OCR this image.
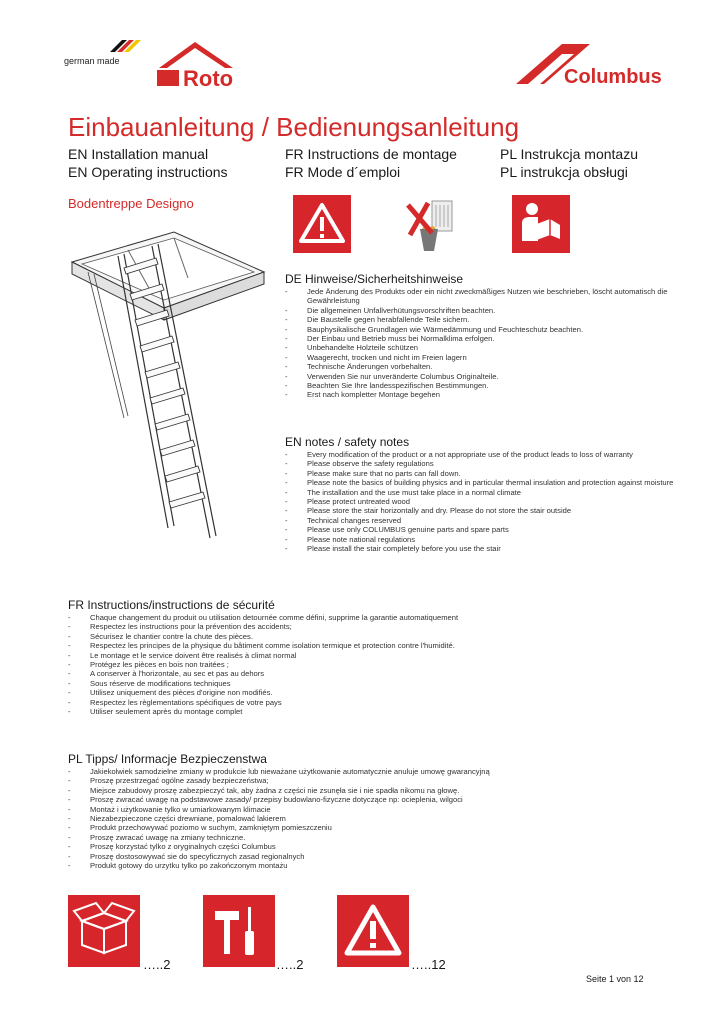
german made
Roto	Columbus
Einbauanleitung / Bedienungsanleitung
EN Installation manual
EN Operating instructions
FR Instructions de montage
FR Mode d´emploi
PL Instrukcja montazu
PL instrukcja obsługi
Bodentreppe Designo
DE Hinweise/Sicherheitshinweise
- Jede Änderung des Produkts oder ein nicht zweckmäßiges Nutzen wie beschrieben, löscht automatisch die Gewährleistung
- Die allgemeinen Unfallverhütungsvorschriften beachten.
- Die Baustelle gegen herabfallende Teile sichern.
- Bauphysikalische Grundlagen wie Wärmedämmung und Feuchteschutz beachten.
- Der Einbau und Betrieb muss bei Normalklima erfolgen.
- Unbehandelte Holzteile schützen
- Waagerecht, trocken und nicht im Freien lagern
- Technische Änderungen vorbehalten.
- Verwenden Sie nur unveränderte Columbus Originalteile.
- Beachten Sie Ihre landesspezifischen Bestimmungen.
- Erst nach kompletter Montage begehen
EN notes / safety notes
- Every modification of the product or a not appropriate use of the product leads to loss of warranty
- Please observe the safety regulations
- Please make sure that no parts can fall down.
- Please note the basics of building physics and in particular thermal insulation and protection against moisture
- The installation and the use must take place in a normal climate
- Please protect untreated wood
- Please store the stair horizontally and dry. Please do not store the stair outside
- Technical changes reserved
- Please use only COLUMBUS genuine parts and spare parts
- Please note national regulations
- Please install the stair completely before you use the stair
FR Instructions/instructions de sécurité
- Chaque changement du produit ou utilisation detournée comme défini, supprime la garantie automatiquement
- Respectez les instructions pour la prévention des accidents;
- Sécurisez le chantier contre la chute des pièces.
- Respectez les principes de la physique du bâtiment comme isolation termique et protection contre l'humidité.
- Le montage et le service doivent être realisés à climat normal
- Protégez les pièces en bois non traitées ;
- A conserver à l'horizontale, au sec et pas au dehors
- Sous réserve de modifications techniques
- Utilisez uniquement des pièces d'origine non modifiés.
- Respectez les règlementations spécifiques de votre pays
- Utiliser seulement après du montage complet
PL Tipps/ Informacje Bezpieczenstwa
- Jakiekolwiek samodzielne zmiany w produkcie lub nieważane użytkowanie automatycznie anuluje umowę gwarancyjną
- Proszę przestrzegać ogólne zasady bezpieczeństwa;
- Miejsce zabudowy proszę zabezpieczyć tak, aby żadna z części nie zsunęła sie i nie spadła nikomu na głowę.
- Proszę zwracać uwagę na podstawowe zasady/ przepisy budowlano-fizyczne dotyczące np: ocieplenia, wilgoci
- Montaż i użytkowanie tylko w umiarkowanym klimacie
- Niezabezpieczone części drewniane, pomalować lakierem
- Produkt przechowywać poziomo w suchym, zamkniętym pomieszczeniu
- Proszę zwracać uwagę na zmiany techniczne.
- Proszę korzystać tylko z oryginalnych części Columbus
- Proszę dostosowywać sie do specyficznych zasad regionalnych
- Produkt gotowy do urzytku tylko po zakończonym montażu
…..2	…..2	…..12
Seite 1 von 12
